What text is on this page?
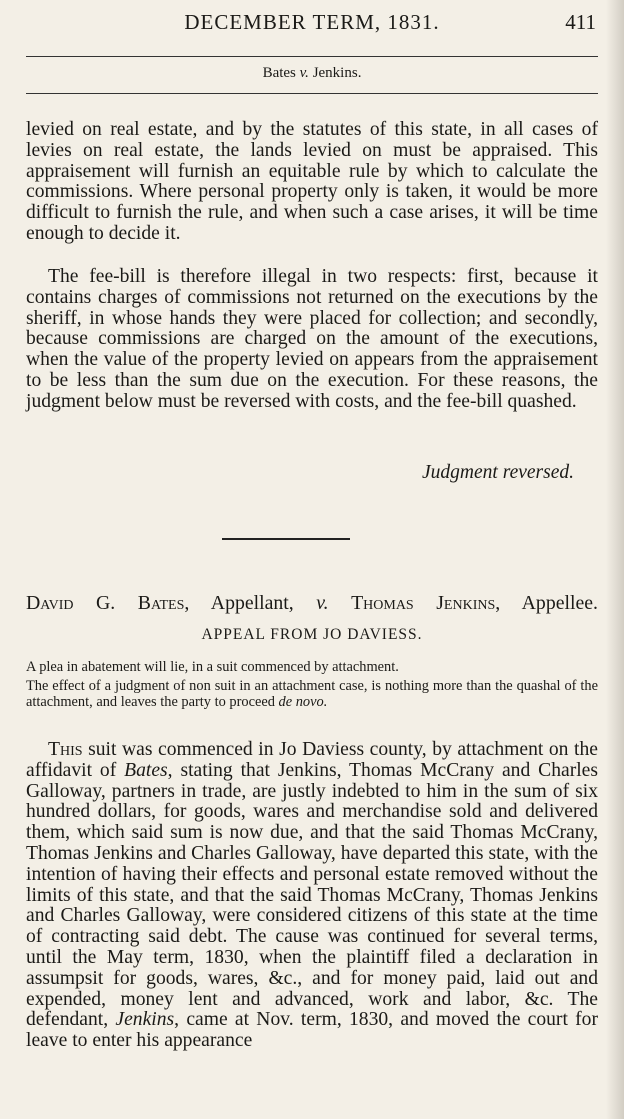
DECEMBER TERM, 1831.	411
Bates v. Jenkins.

levied on real estate, and by the statutes of this state, in all cases of levies on real estate, the lands levied on must be appraised. This appraisement will furnish an equitable rule by which to calculate the commissions. Where personal property only is taken, it would be more difficult to furnish the rule, and when such a case arises, it will be time enough to decide it.

The fee-bill is therefore illegal in two respects: first, because it contains charges of commissions not returned on the executions by the sheriff, in whose hands they were placed for collection; and secondly, because commissions are charged on the amount of the executions, when the value of the property levied on appears from the appraisement to be less than the sum due on the execution. For these reasons, the judgment below must be reversed with costs, and the fee-bill quashed.

Judgment reversed.
David G. Bates, Appellant, v. Thomas Jenkins, Appellee.
APPEAL FROM JO DAVIESS.
A plea in abatement will lie, in a suit commenced by attachment.
The effect of a judgment of non suit in an attachment case, is nothing more than the quashal of the attachment, and leaves the party to proceed de novo.

This suit was commenced in Jo Daviess county, by attachment on the affidavit of Bates, stating that Jenkins, Thomas McCrany and Charles Galloway, partners in trade, are justly indebted to him in the sum of six hundred dollars, for goods, wares and merchandise sold and delivered them, which said sum is now due, and that the said Thomas McCrany, Thomas Jenkins and Charles Galloway, have departed this state, with the intention of having their effects and personal estate removed without the limits of this state, and that the said Thomas McCrany, Thomas Jenkins and Charles Galloway, were considered citizens of this state at the time of contracting said debt. The cause was continued for several terms, until the May term, 1830, when the plaintiff filed a declaration in assumpsit for goods, wares, &c., and for money paid, laid out and expended, money lent and advanced, work and labor, &c. The defendant, Jenkins, came at Nov. term, 1830, and moved the court for leave to enter his appearance
